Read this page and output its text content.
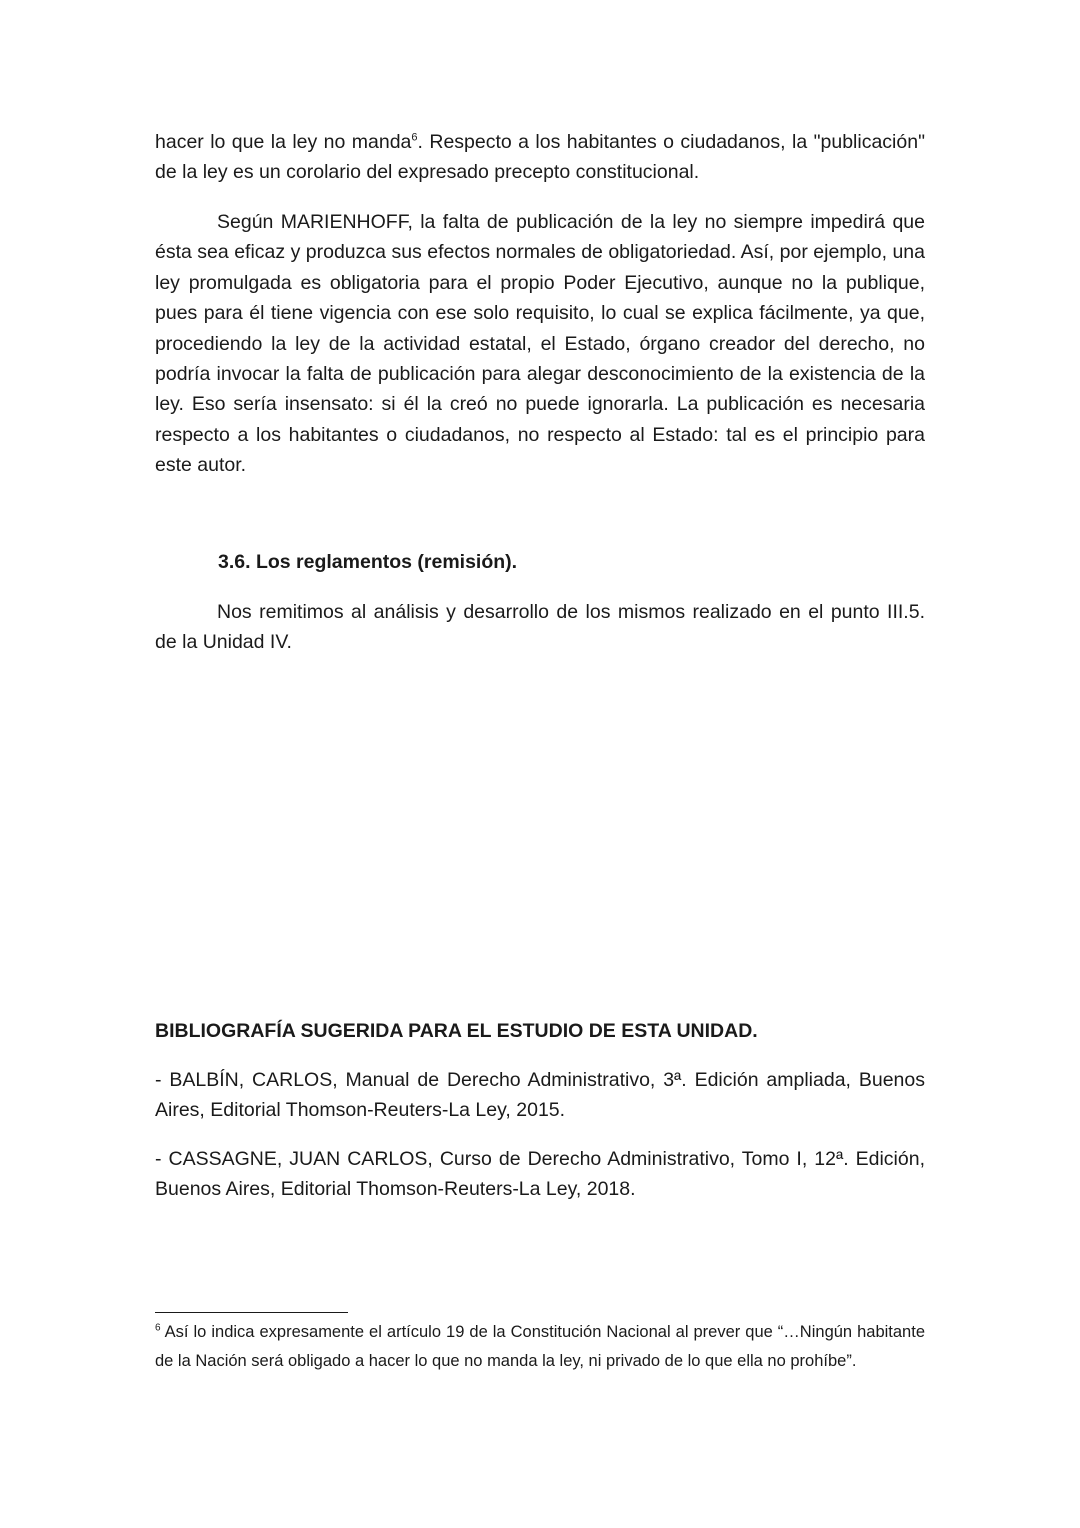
hacer lo que la ley no manda$^6$. Respecto a los habitantes o ciudadanos, la "publicación" de la ley es un corolario del expresado precepto constitucional.

Según MARIENHOFF, la falta de publicación de la ley no siempre impedirá que ésta sea eficaz y produzca sus efectos normales de obligatoriedad. Así, por ejemplo, una ley promulgada es obligatoria para el propio Poder Ejecutivo, aunque no la publique, pues para él tiene vigencia con ese solo requisito, lo cual se explica fácilmente, ya que, procediendo la ley de la actividad estatal, el Estado, órgano creador del derecho, no podría invocar la falta de publicación para alegar desconocimiento de la existencia de la ley. Eso sería insensato: si él la creó no puede ignorarla. La publicación es necesaria respecto a los habitantes o ciudadanos, no respecto al Estado: tal es el principio para este autor.

3.6. Los reglamentos (remisión).

Nos remitimos al análisis y desarrollo de los mismos realizado en el punto III.5. de la Unidad IV.

BIBLIOGRAFÍA SUGERIDA PARA EL ESTUDIO DE ESTA UNIDAD.

- BALBÍN, CARLOS, Manual de Derecho Administrativo, 3ª. Edición ampliada, Buenos Aires, Editorial Thomson-Reuters-La Ley, 2015.

- CASSAGNE, JUAN CARLOS, Curso de Derecho Administrativo, Tomo I, 12ª. Edición, Buenos Aires, Editorial Thomson-Reuters-La Ley, 2018.

$^6$ Así lo indica expresamente el artículo 19 de la Constitución Nacional al prever que “…Ningún habitante de la Nación será obligado a hacer lo que no manda la ley, ni privado de lo que ella no prohíbe”.
